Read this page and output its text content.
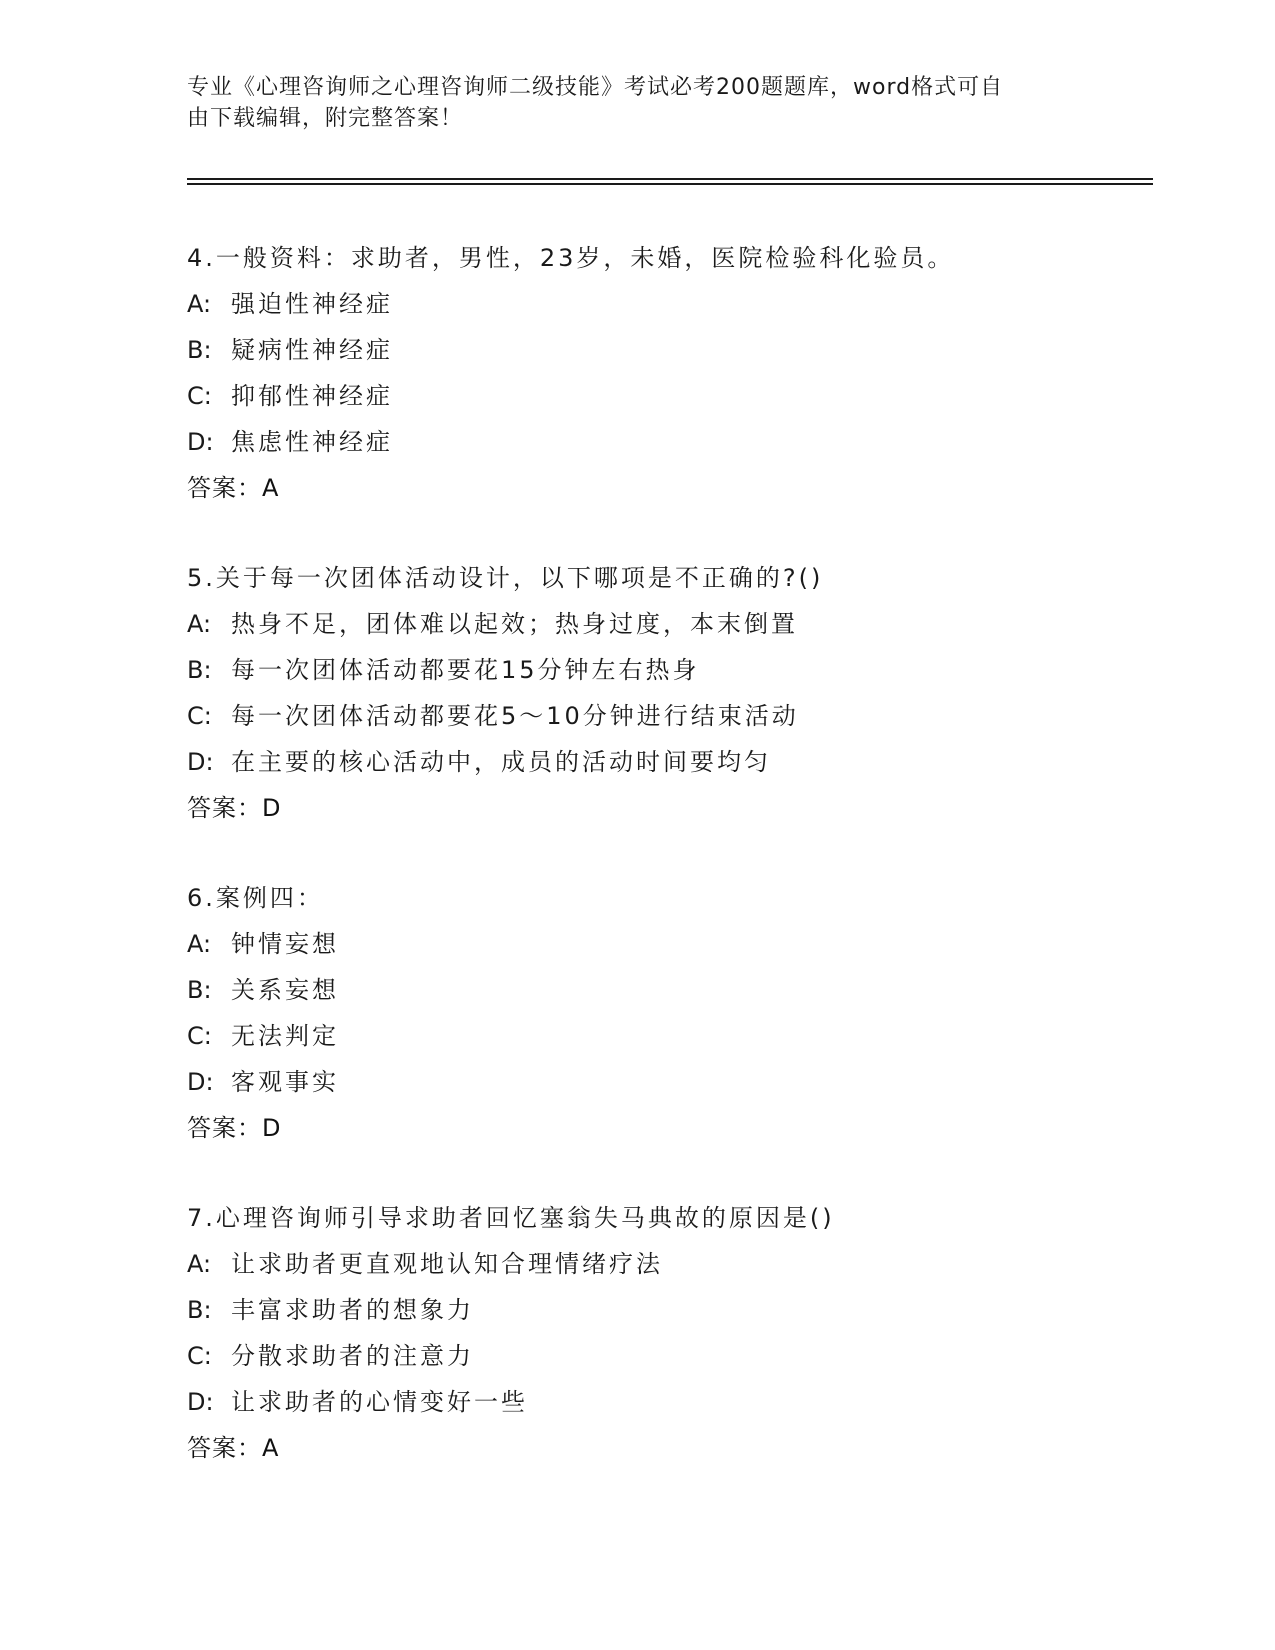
专业《心理咨询师之心理咨询师二级技能》考试必考200题题库，word格式可自
由下载编辑，附完整答案！
4.一般资料：求助者，男性，23岁，未婚，医院检验科化验员。
A: 强迫性神经症
B: 疑病性神经症
C: 抑郁性神经症
D: 焦虑性神经症
答案：A
5.关于每一次团体活动设计，以下哪项是不正确的?()
A: 热身不足，团体难以起效；热身过度，本末倒置
B: 每一次团体活动都要花15分钟左右热身
C: 每一次团体活动都要花5～10分钟进行结束活动
D: 在主要的核心活动中，成员的活动时间要均匀
答案：D
6.案例四：
A: 钟情妄想
B: 关系妄想
C: 无法判定
D: 客观事实
答案：D
7.心理咨询师引导求助者回忆塞翁失马典故的原因是()
A: 让求助者更直观地认知合理情绪疗法
B: 丰富求助者的想象力
C: 分散求助者的注意力
D: 让求助者的心情变好一些
答案：A
